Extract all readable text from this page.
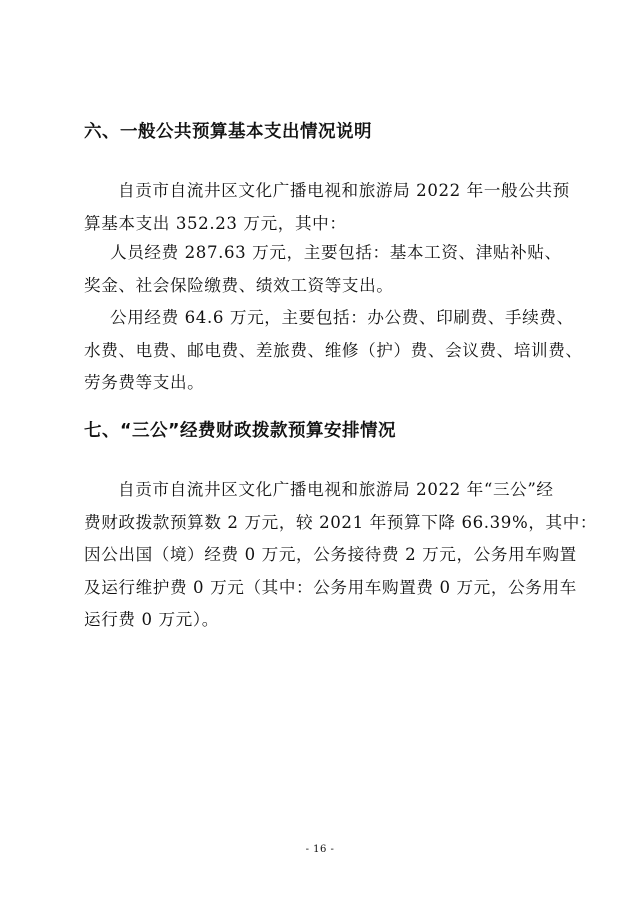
六、一般公共预算基本支出情况说明
自贡市自流井区文化广播电视和旅游局 2022 年一般公共预
算基本支出 352.23 万元，其中：
人员经费 287.63 万元，主要包括：基本工资、津贴补贴、
奖金、社会保险缴费、绩效工资等支出。
公用经费 64.6 万元，主要包括：办公费、印刷费、手续费、
水费、电费、邮电费、差旅费、维修（护）费、会议费、培训费、
劳务费等支出。
七、“三公”经费财政拨款预算安排情况
自贡市自流井区文化广播电视和旅游局 2022 年“三公”经
费财政拨款预算数 2 万元，较 2021 年预算下降 66.39%，其中：
因公出国（境）经费 0 万元，公务接待费 2 万元，公务用车购置
及运行维护费 0 万元（其中：公务用车购置费 0 万元，公务用车
运行费 0 万元）。
- 16 -
